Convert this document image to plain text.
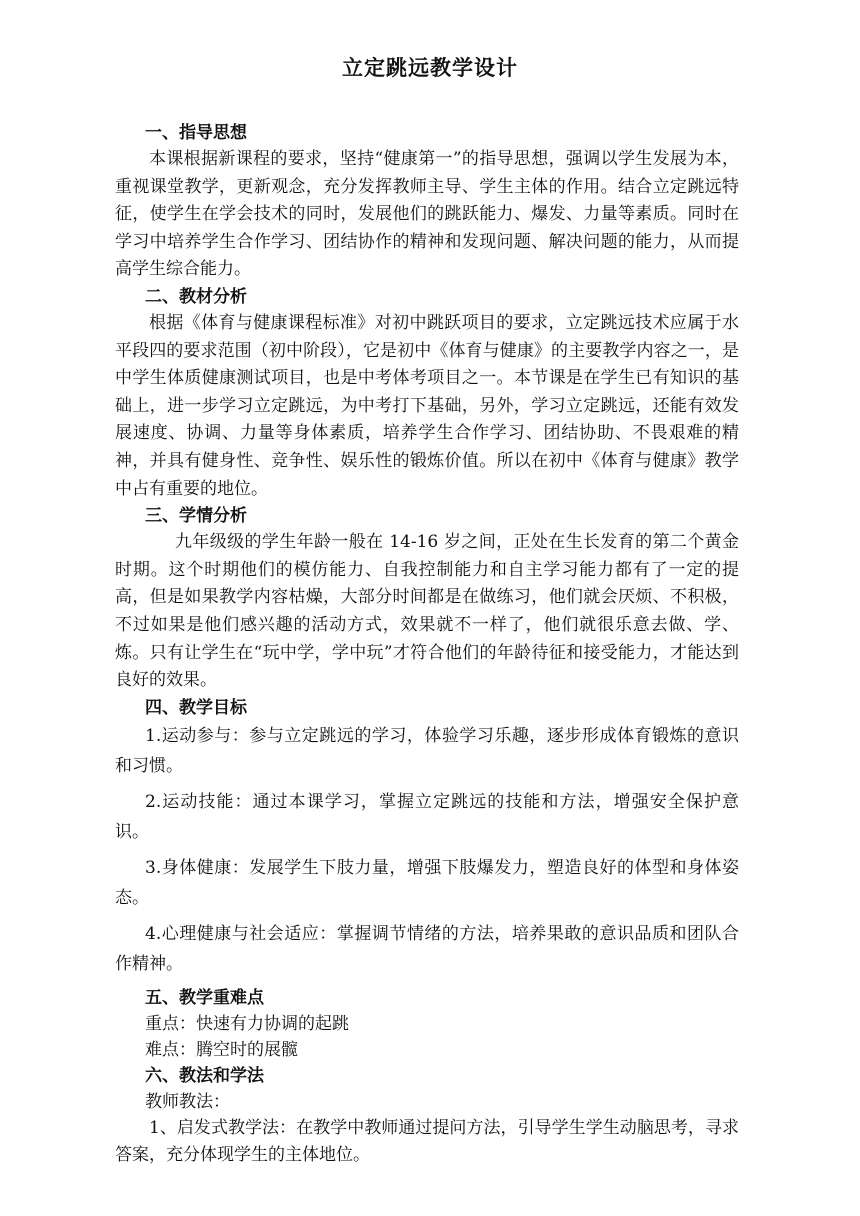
立定跳远教学设计
一、指导思想

本课根据新课程的要求，坚持“健康第一”的指导思想，强调以学生发展为本，重视课堂教学，更新观念，充分发挥教师主导、学生主体的作用。结合立定跳远特征，使学生在学会技术的同时，发展他们的跳跃能力、爆发、力量等素质。同时在学习中培养学生合作学习、团结协作的精神和发现问题、解决问题的能力，从而提高学生综合能力。

二、教材分析

根据《体育与健康课程标准》对初中跳跃项目的要求，立定跳远技术应属于水平段四的要求范围（初中阶段），它是初中《体育与健康》的主要教学内容之一，是中学生体质健康测试项目，也是中考体考项目之一。本节课是在学生已有知识的基础上，进一步学习立定跳远，为中考打下基础，另外，学习立定跳远，还能有效发展速度、协调、力量等身体素质，培养学生合作学习、团结协助、不畏艰难的精神，并具有健身性、竞争性、娱乐性的锻炼价值。所以在初中《体育与健康》教学中占有重要的地位。

三、学情分析

九年级级的学生年龄一般在 14-16 岁之间，正处在生长发育的第二个黄金时期。这个时期他们的模仿能力、自我控制能力和自主学习能力都有了一定的提高，但是如果教学内容枯燥，大部分时间都是在做练习，他们就会厌烦、不积极，不过如果是他们感兴趣的活动方式，效果就不一样了，他们就很乐意去做、学、炼。只有让学生在“玩中学，学中玩”才符合他们的年龄待征和接受能力，才能达到良好的效果。

四、教学目标

1.运动参与：参与立定跳远的学习，体验学习乐趣，逐步形成体育锻炼的意识和习惯。

2.运动技能：通过本课学习，掌握立定跳远的技能和方法，增强安全保护意识。

3.身体健康：发展学生下肢力量，增强下肢爆发力，塑造良好的体型和身体姿态。

4.心理健康与社会适应：掌握调节情绪的方法，培养果敢的意识品质和团队合作精神。

五、教学重难点

重点：快速有力协调的起跳

难点：腾空时的展髋

六、教法和学法

教师教法：

1、启发式教学法：在教学中教师通过提问方法，引导学生学生动脑思考，寻求答案，充分体现学生的主体地位。
